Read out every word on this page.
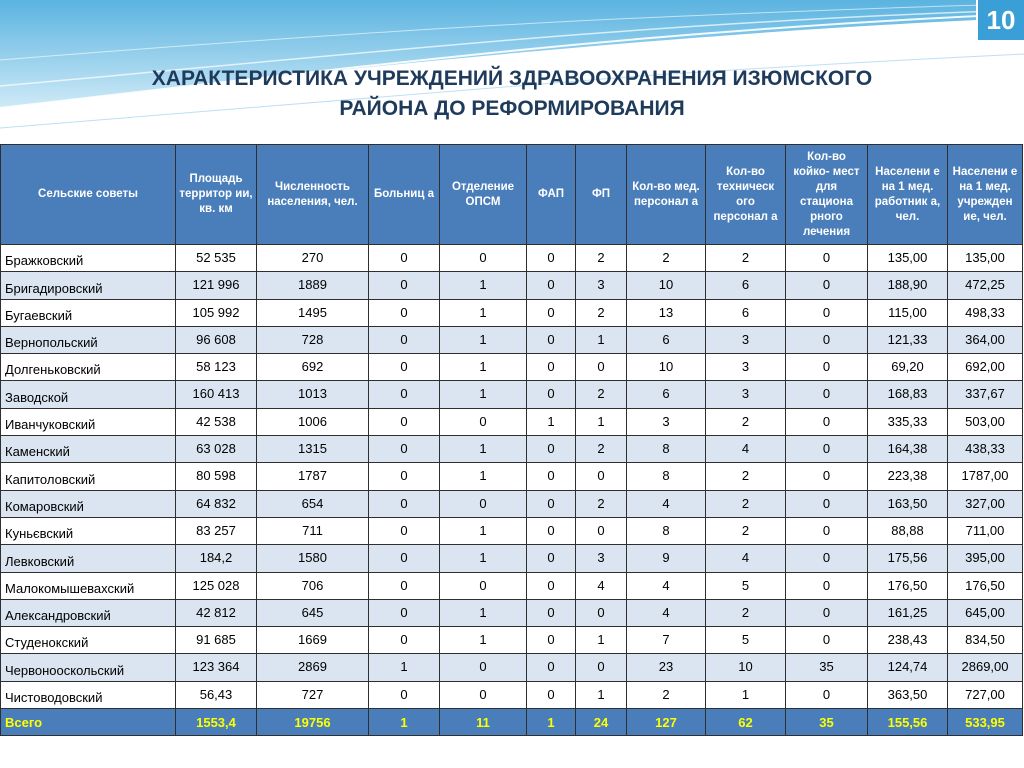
10
ХАРАКТЕРИСТИКА УЧРЕЖДЕНИЙ ЗДРАВООХРАНЕНИЯ ИЗЮМСКОГО
РАЙОНА ДО РЕФОРМИРОВАНИЯ
Сельские советы	Площадь территор ии, кв. км	Численность населения, чел.	Больниц а	Отделение ОПСМ	ФАП	ФП	Кол-во мед. персонал а	Кол-во техническ ого персонал а	Кол-во койко- мест для стациона рного лечения	Населени е на 1 мед. работник а, чел.	Населени е на 1 мед. учрежден ие, чел.
Бражковский	52 535	270	0	0	0	2	2	2	0	135,00	135,00
Бригадировский	121 996	1889	0	1	0	3	10	6	0	188,90	472,25
Бугаевский	105 992	1495	0	1	0	2	13	6	0	115,00	498,33
Вернопольский	96 608	728	0	1	0	1	6	3	0	121,33	364,00
Долгеньковский	58 123	692	0	1	0	0	10	3	0	69,20	692,00
Заводской	160 413	1013	0	1	0	2	6	3	0	168,83	337,67
Иванчуковский	42 538	1006	0	0	1	1	3	2	0	335,33	503,00
Каменский	63 028	1315	0	1	0	2	8	4	0	164,38	438,33
Капитоловский	80 598	1787	0	1	0	0	8	2	0	223,38	1787,00
Комаровский	64 832	654	0	0	0	2	4	2	0	163,50	327,00
Куньєвский	83 257	711	0	1	0	0	8	2	0	88,88	711,00
Левковский	184,2	1580	0	1	0	3	9	4	0	175,56	395,00
Малокомышевахский	125 028	706	0	0	0	4	4	5	0	176,50	176,50
Александровский	42 812	645	0	1	0	0	4	2	0	161,25	645,00
Студенокский	91 685	1669	0	1	0	1	7	5	0	238,43	834,50
Червонооскольский	123 364	2869	1	0	0	0	23	10	35	124,74	2869,00
Чистоводовский	56,43	727	0	0	0	1	2	1	0	363,50	727,00
Всего	1553,4	19756	1	11	1	24	127	62	35	155,56	533,95
